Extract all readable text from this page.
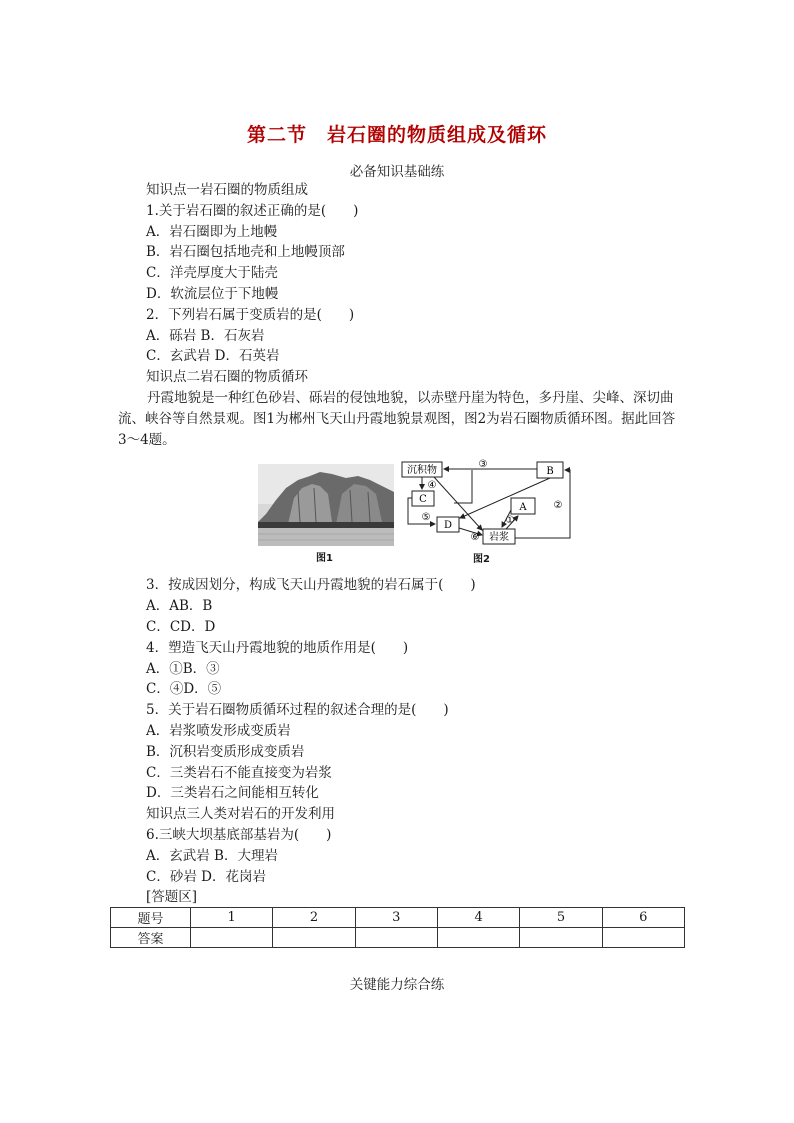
第二节　岩石圈的物质组成及循环
必备知识基础练
知识点一岩石圈的物质组成
1.关于岩石圈的叙述正确的是(　　)
A．岩石圈即为上地幔
B．岩石圈包括地壳和上地幔顶部
C．洋壳厚度大于陆壳
D．软流层位于下地幔
2．下列岩石属于变质岩的是(　　)
A．砾岩 B．石灰岩
C．玄武岩 D．石英岩
知识点二岩石圈的物质循环
丹霞地貌是一种红色砂岩、砾岩的侵蚀地貌，以赤壁丹崖为特色，多丹崖、尖峰、深切曲流、峡谷等自然景观。图1为郴州飞天山丹霞地貌景观图，图2为岩石圈物质循环图。据此回答3～4题。
图1
沉积物
C
D
A
B
岩浆
③
④
⑤
⑥
①
②
图2
3．按成因划分，构成飞天山丹霞地貌的岩石属于(　　)
A．AB．B
C．CD．D
4．塑造飞天山丹霞地貌的地质作用是(　　)
A．①B．③
C．④D．⑤
5．关于岩石圈物质循环过程的叙述合理的是(　　)
A．岩浆喷发形成变质岩
B．沉积岩变质形成变质岩
C．三类岩石不能直接变为岩浆
D．三类岩石之间能相互转化
知识点三人类对岩石的开发利用
6.三峡大坝基底部基岩为(　　)
A．玄武岩 B．大理岩
C．砂岩 D．花岗岩
[答题区]
题号	1	2	3	4	5	6
答案						
关键能力综合练
